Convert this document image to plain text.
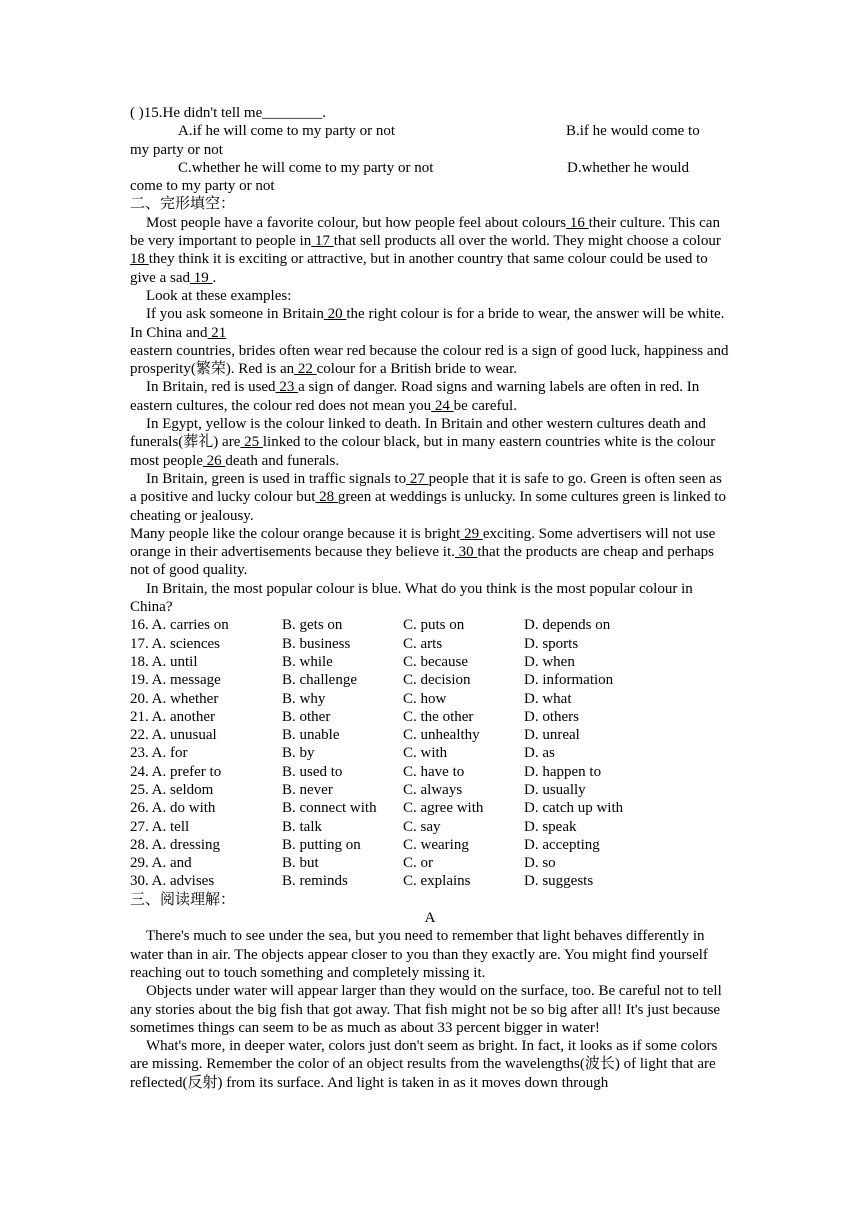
( )15.He didn't tell me________.
A.if he will come to my party or not	B.if he would come to
my party or not
C.whether he will come to my party or not	D.whether he would
come to my party or not
二、完形填空：
Most people have a favorite colour, but how people feel about colours 16 their culture. This can be very important to people in 17 that sell products all over the world. They might choose a colour 18 they think it is exciting or attractive, but in another country that same colour could be used to give a sad 19 .
Look at these examples:
If you ask someone in Britain 20 the right colour is for a bride to wear, the answer will be white. In China and 21
eastern countries, brides often wear red because the colour red is a sign of good luck, happiness and prosperity(繁荣). Red is an 22 colour for a British bride to wear.
In Britain, red is used 23 a sign of danger. Road signs and warning labels are often in red. In eastern cultures, the colour red does not mean you 24 be careful.
In Egypt, yellow is the colour linked to death. In Britain and other western cultures death and funerals(葬礼) are 25 linked to the colour black, but in many eastern countries white is the colour most people 26 death and funerals.
In Britain, green is used in traffic signals to 27 people that it is safe to go. Green is often seen as a positive and lucky colour but 28 green at weddings is unlucky. In some cultures green is linked to cheating or jealousy.
Many people like the colour orange because it is bright 29 exciting. Some advertisers will not use orange in their advertisements because they believe it. 30 that the products are cheap and perhaps not of good quality.
In Britain, the most popular colour is blue. What do you think is the most popular colour in China?
16. A. carries on	B. gets on	C. puts on	D. depends on
17. A. sciences	B. business	C. arts	D. sports
18. A. until	B. while	C. because	D. when
19. A. message	B. challenge	C. decision	D. information
20. A. whether	B. why	C. how	D. what
21. A. another	B. other	C. the other	D. others
22. A. unusual	B. unable	C. unhealthy	D. unreal
23. A. for	B. by	C. with	D. as
24. A. prefer to	B. used to	C. have to	D. happen to
25. A. seldom	B. never	C. always	D. usually
26. A. do with	B. connect with	C. agree with	D. catch up with
27. A. tell	B. talk	C. say	D. speak
28. A. dressing	B. putting on	C. wearing	D. accepting
29. A. and	B. but	C. or	D. so
30. A. advises	B. reminds	C. explains	D. suggests
三、阅读理解：
A
There's much to see under the sea, but you need to remember that light behaves differently in water than in air. The objects appear closer to you than they exactly are. You might find yourself reaching out to touch something and completely missing it.
Objects under water will appear larger than they would on the surface, too. Be careful not to tell any stories about the big fish that got away. That fish might not be so big after all! It's just because sometimes things can seem to be as much as about 33 percent bigger in water!
What's more, in deeper water, colors just don't seem as bright. In fact, it looks as if some colors are missing. Remember the color of an object results from the wavelengths(波长) of light that are reflected(反射) from its surface. And light is taken in as it moves down through
